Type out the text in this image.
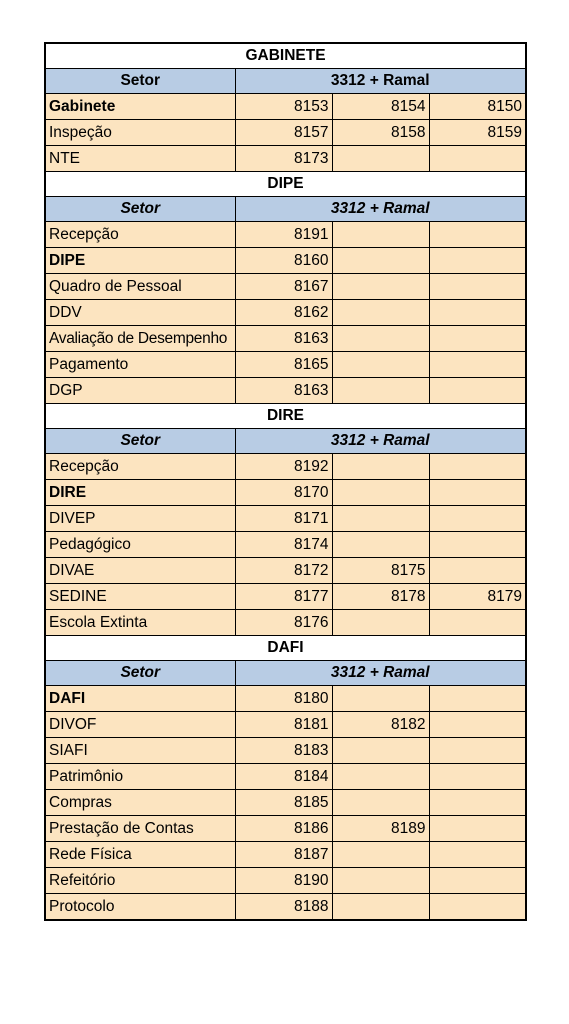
GABINETE			
Setor	3312 + Ramal		
Gabinete	8153	8154	8150
Inspeção	8157	8158	8159
NTE	8173		
DIPE			
Setor	3312 + Ramal		
Recepção	8191		
DIPE	8160		
Quadro de Pessoal	8167		
DDV	8162		
Avaliação de Desempenho	8163		
Pagamento	8165		
DGP	8163		
DIRE			
Setor	3312 + Ramal		
Recepção	8192		
DIRE	8170		
DIVEP	8171		
Pedagógico	8174		
DIVAE	8172	8175	
SEDINE	8177	8178	8179
Escola Extinta	8176		
DAFI			
Setor	3312 + Ramal		
DAFI	8180		
DIVOF	8181	8182	
SIAFI	8183		
Patrimônio	8184		
Compras	8185		
Prestação de Contas	8186	8189	
Rede Física	8187		
Refeitório	8190		
Protocolo	8188		
